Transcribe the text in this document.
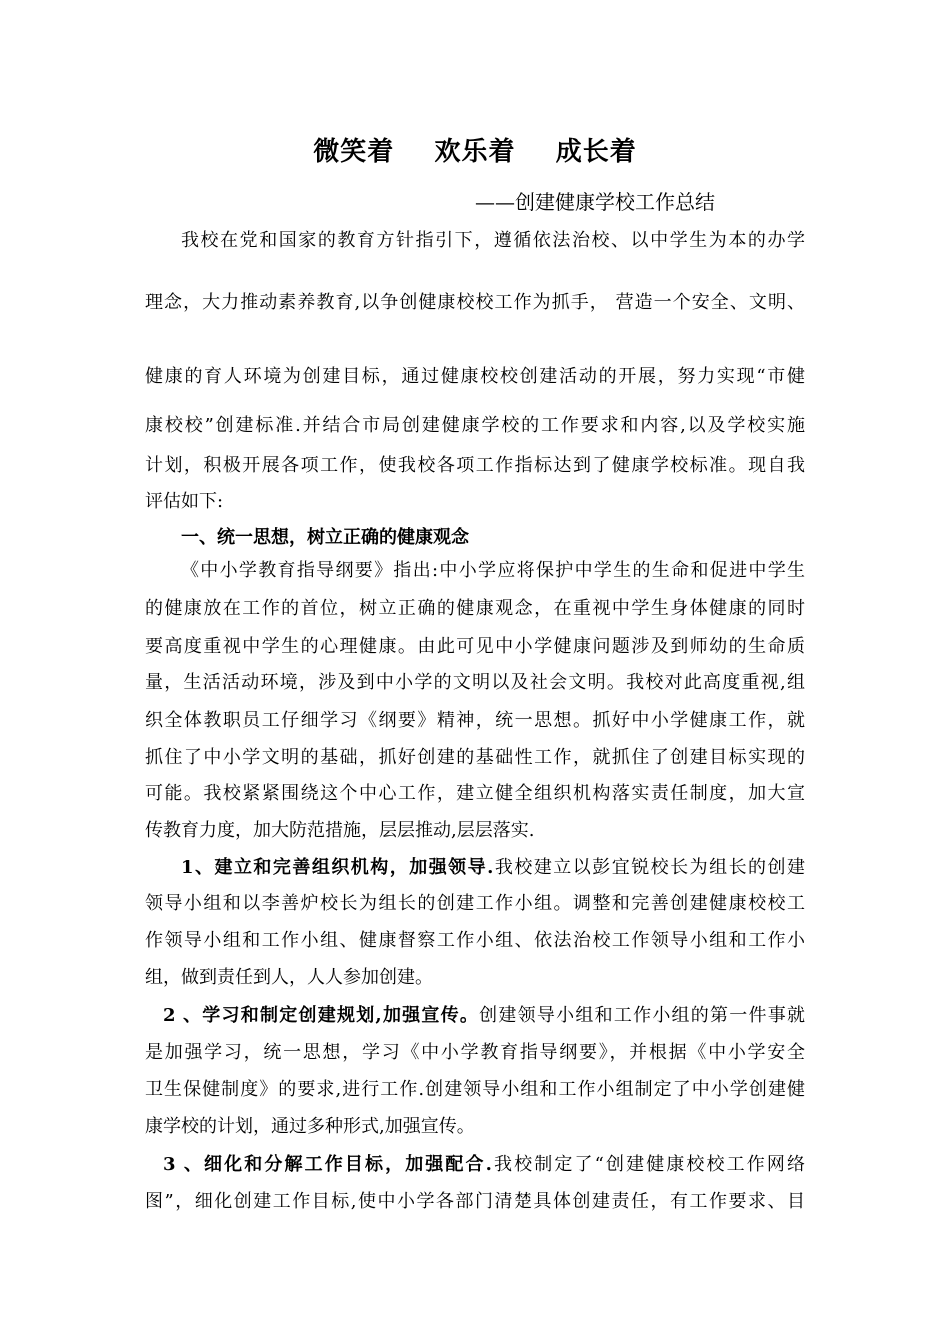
微笑着    欢乐着    成长着
——创建健康学校工作总结
我校在党和国家的教育方针指引下，遵循依法治校、以中学生为本的办学
理念，大力推动素养教育,以争创健康校校工作为抓手， 营造一个安全、文明、
健康的育人环境为创建目标，通过健康校校创建活动的开展，努力实现“市健
康校校”创建标准.并结合市局创建健康学校的工作要求和内容,以及学校实施
计划，积极开展各项工作，使我校各项工作指标达到了健康学校标准。现自我
评估如下:
一、统一思想，树立正确的健康观念
《中小学教育指导纲要》指出:中小学应将保护中学生的生命和促进中学生
的健康放在工作的首位，树立正确的健康观念，在重视中学生身体健康的同时
要高度重视中学生的心理健康。由此可见中小学健康问题涉及到师幼的生命质
量，生活活动环境，涉及到中小学的文明以及社会文明。我校对此高度重视,组
织全体教职员工仔细学习《纲要》精神，统一思想。抓好中小学健康工作，就
抓住了中小学文明的基础，抓好创建的基础性工作，就抓住了创建目标实现的
可能。我校紧紧围绕这个中心工作，建立健全组织机构落实责任制度，加大宣
传教育力度，加大防范措施，层层推动,层层落实.
1、建立和完善组织机构，加强领导.我校建立以彭宜锐校长为组长的创建
领导小组和以李善炉校长为组长的创建工作小组。调整和完善创建健康校校工
作领导小组和工作小组、健康督察工作小组、依法治校工作领导小组和工作小
组，做到责任到人，人人参加创建。
2 、学习和制定创建规划,加强宣传。创建领导小组和工作小组的第一件事就
是加强学习，统一思想，学习《中小学教育指导纲要》，并根据《中小学安全
卫生保健制度》的要求,进行工作.创建领导小组和工作小组制定了中小学创建健
康学校的计划，通过多种形式,加强宣传。
3 、细化和分解工作目标，加强配合.我校制定了“创建健康校校工作网络
图”，细化创建工作目标,使中小学各部门清楚具体创建责任，有工作要求、目
